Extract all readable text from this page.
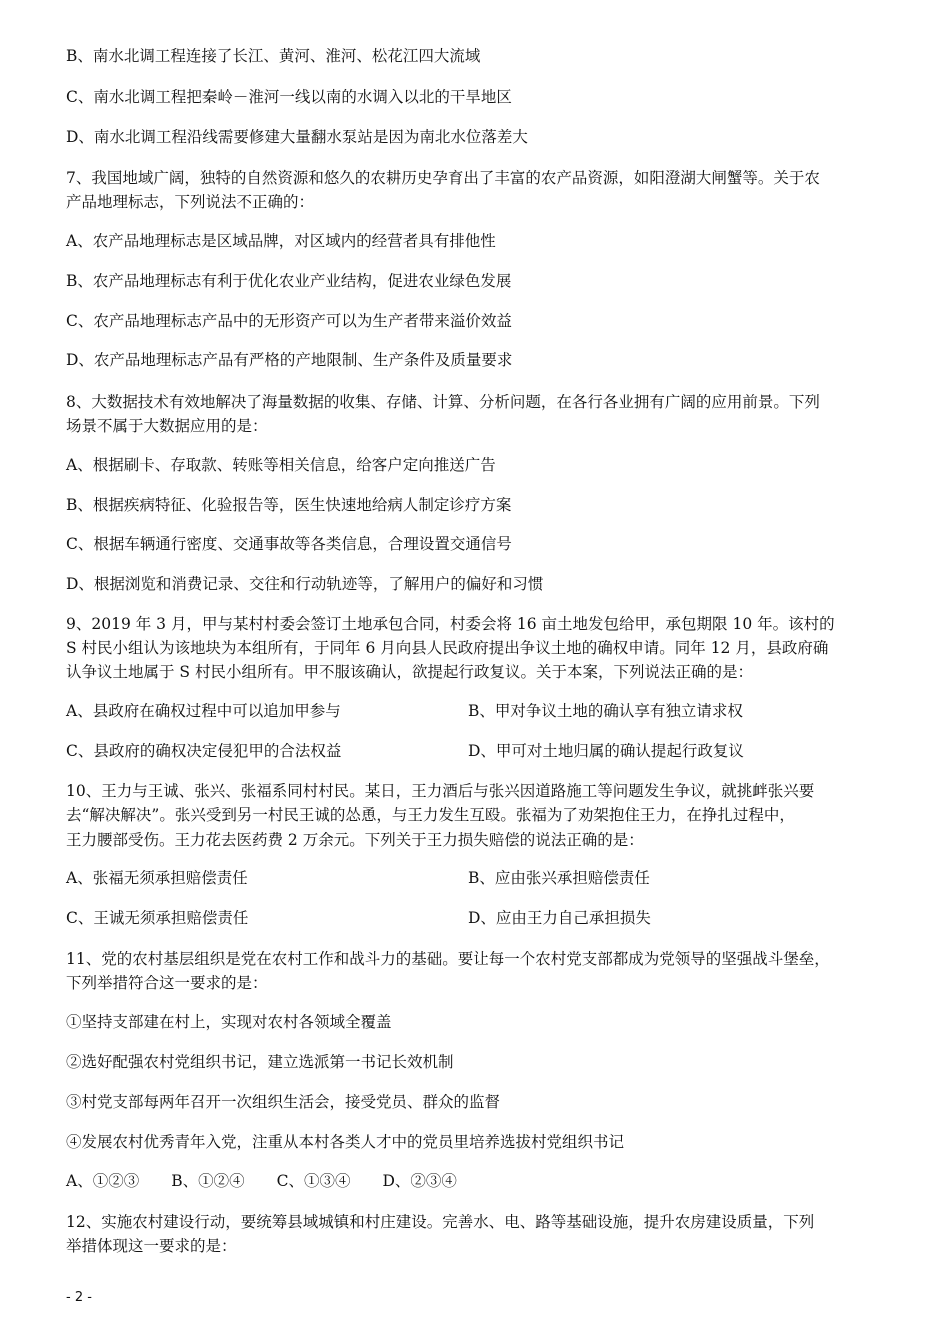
B、南水北调工程连接了长江、黄河、淮河、松花江四大流域
C、南水北调工程把秦岭－淮河一线以南的水调入以北的干旱地区
D、南水北调工程沿线需要修建大量翻水泵站是因为南北水位落差大
7、我国地域广阔，独特的自然资源和悠久的农耕历史孕育出了丰富的农产品资源，如阳澄湖大闸蟹等。关于农
产品地理标志，下列说法不正确的：
A、农产品地理标志是区域品牌，对区域内的经营者具有排他性
B、农产品地理标志有利于优化农业产业结构，促进农业绿色发展
C、农产品地理标志产品中的无形资产可以为生产者带来溢价效益
D、农产品地理标志产品有严格的产地限制、生产条件及质量要求
8、大数据技术有效地解决了海量数据的收集、存储、计算、分析问题，在各行各业拥有广阔的应用前景。下列
场景不属于大数据应用的是：
A、根据刷卡、存取款、转账等相关信息，给客户定向推送广告
B、根据疾病特征、化验报告等，医生快速地给病人制定诊疗方案
C、根据车辆通行密度、交通事故等各类信息，合理设置交通信号
D、根据浏览和消费记录、交往和行动轨迹等，了解用户的偏好和习惯
9、2019 年 3 月，甲与某村村委会签订土地承包合同，村委会将 16 亩土地发包给甲，承包期限 10 年。该村的
S 村民小组认为该地块为本组所有，于同年 6 月向县人民政府提出争议土地的确权申请。同年 12 月，县政府确
认争议土地属于 S 村民小组所有。甲不服该确认，欲提起行政复议。关于本案，下列说法正确的是：
A、县政府在确权过程中可以追加甲参与	B、甲对争议土地的确认享有独立请求权
C、县政府的确权决定侵犯甲的合法权益	D、甲可对土地归属的确认提起行政复议
10、王力与王诚、张兴、张福系同村村民。某日，王力酒后与张兴因道路施工等问题发生争议，就挑衅张兴要
去“解决解决”。张兴受到另一村民王诚的怂恿，与王力发生互殴。张福为了劝架抱住王力，在挣扎过程中，
王力腰部受伤。王力花去医药费 2 万余元。下列关于王力损失赔偿的说法正确的是：
A、张福无须承担赔偿责任	B、应由张兴承担赔偿责任
C、王诚无须承担赔偿责任	D、应由王力自己承担损失
11、党的农村基层组织是党在农村工作和战斗力的基础。要让每一个农村党支部都成为党领导的坚强战斗堡垒，
下列举措符合这一要求的是：
①坚持支部建在村上，实现对农村各领域全覆盖
②选好配强农村党组织书记，建立选派第一书记长效机制
③村党支部每两年召开一次组织生活会，接受党员、群众的监督
④发展农村优秀青年入党，注重从本村各类人才中的党员里培养选拔村党组织书记
A、①②③ B、①②④ C、①③④ D、②③④
12、实施农村建设行动，要统筹县域城镇和村庄建设。完善水、电、路等基础设施，提升农房建设质量，下列
举措体现这一要求的是：
- 2 -
